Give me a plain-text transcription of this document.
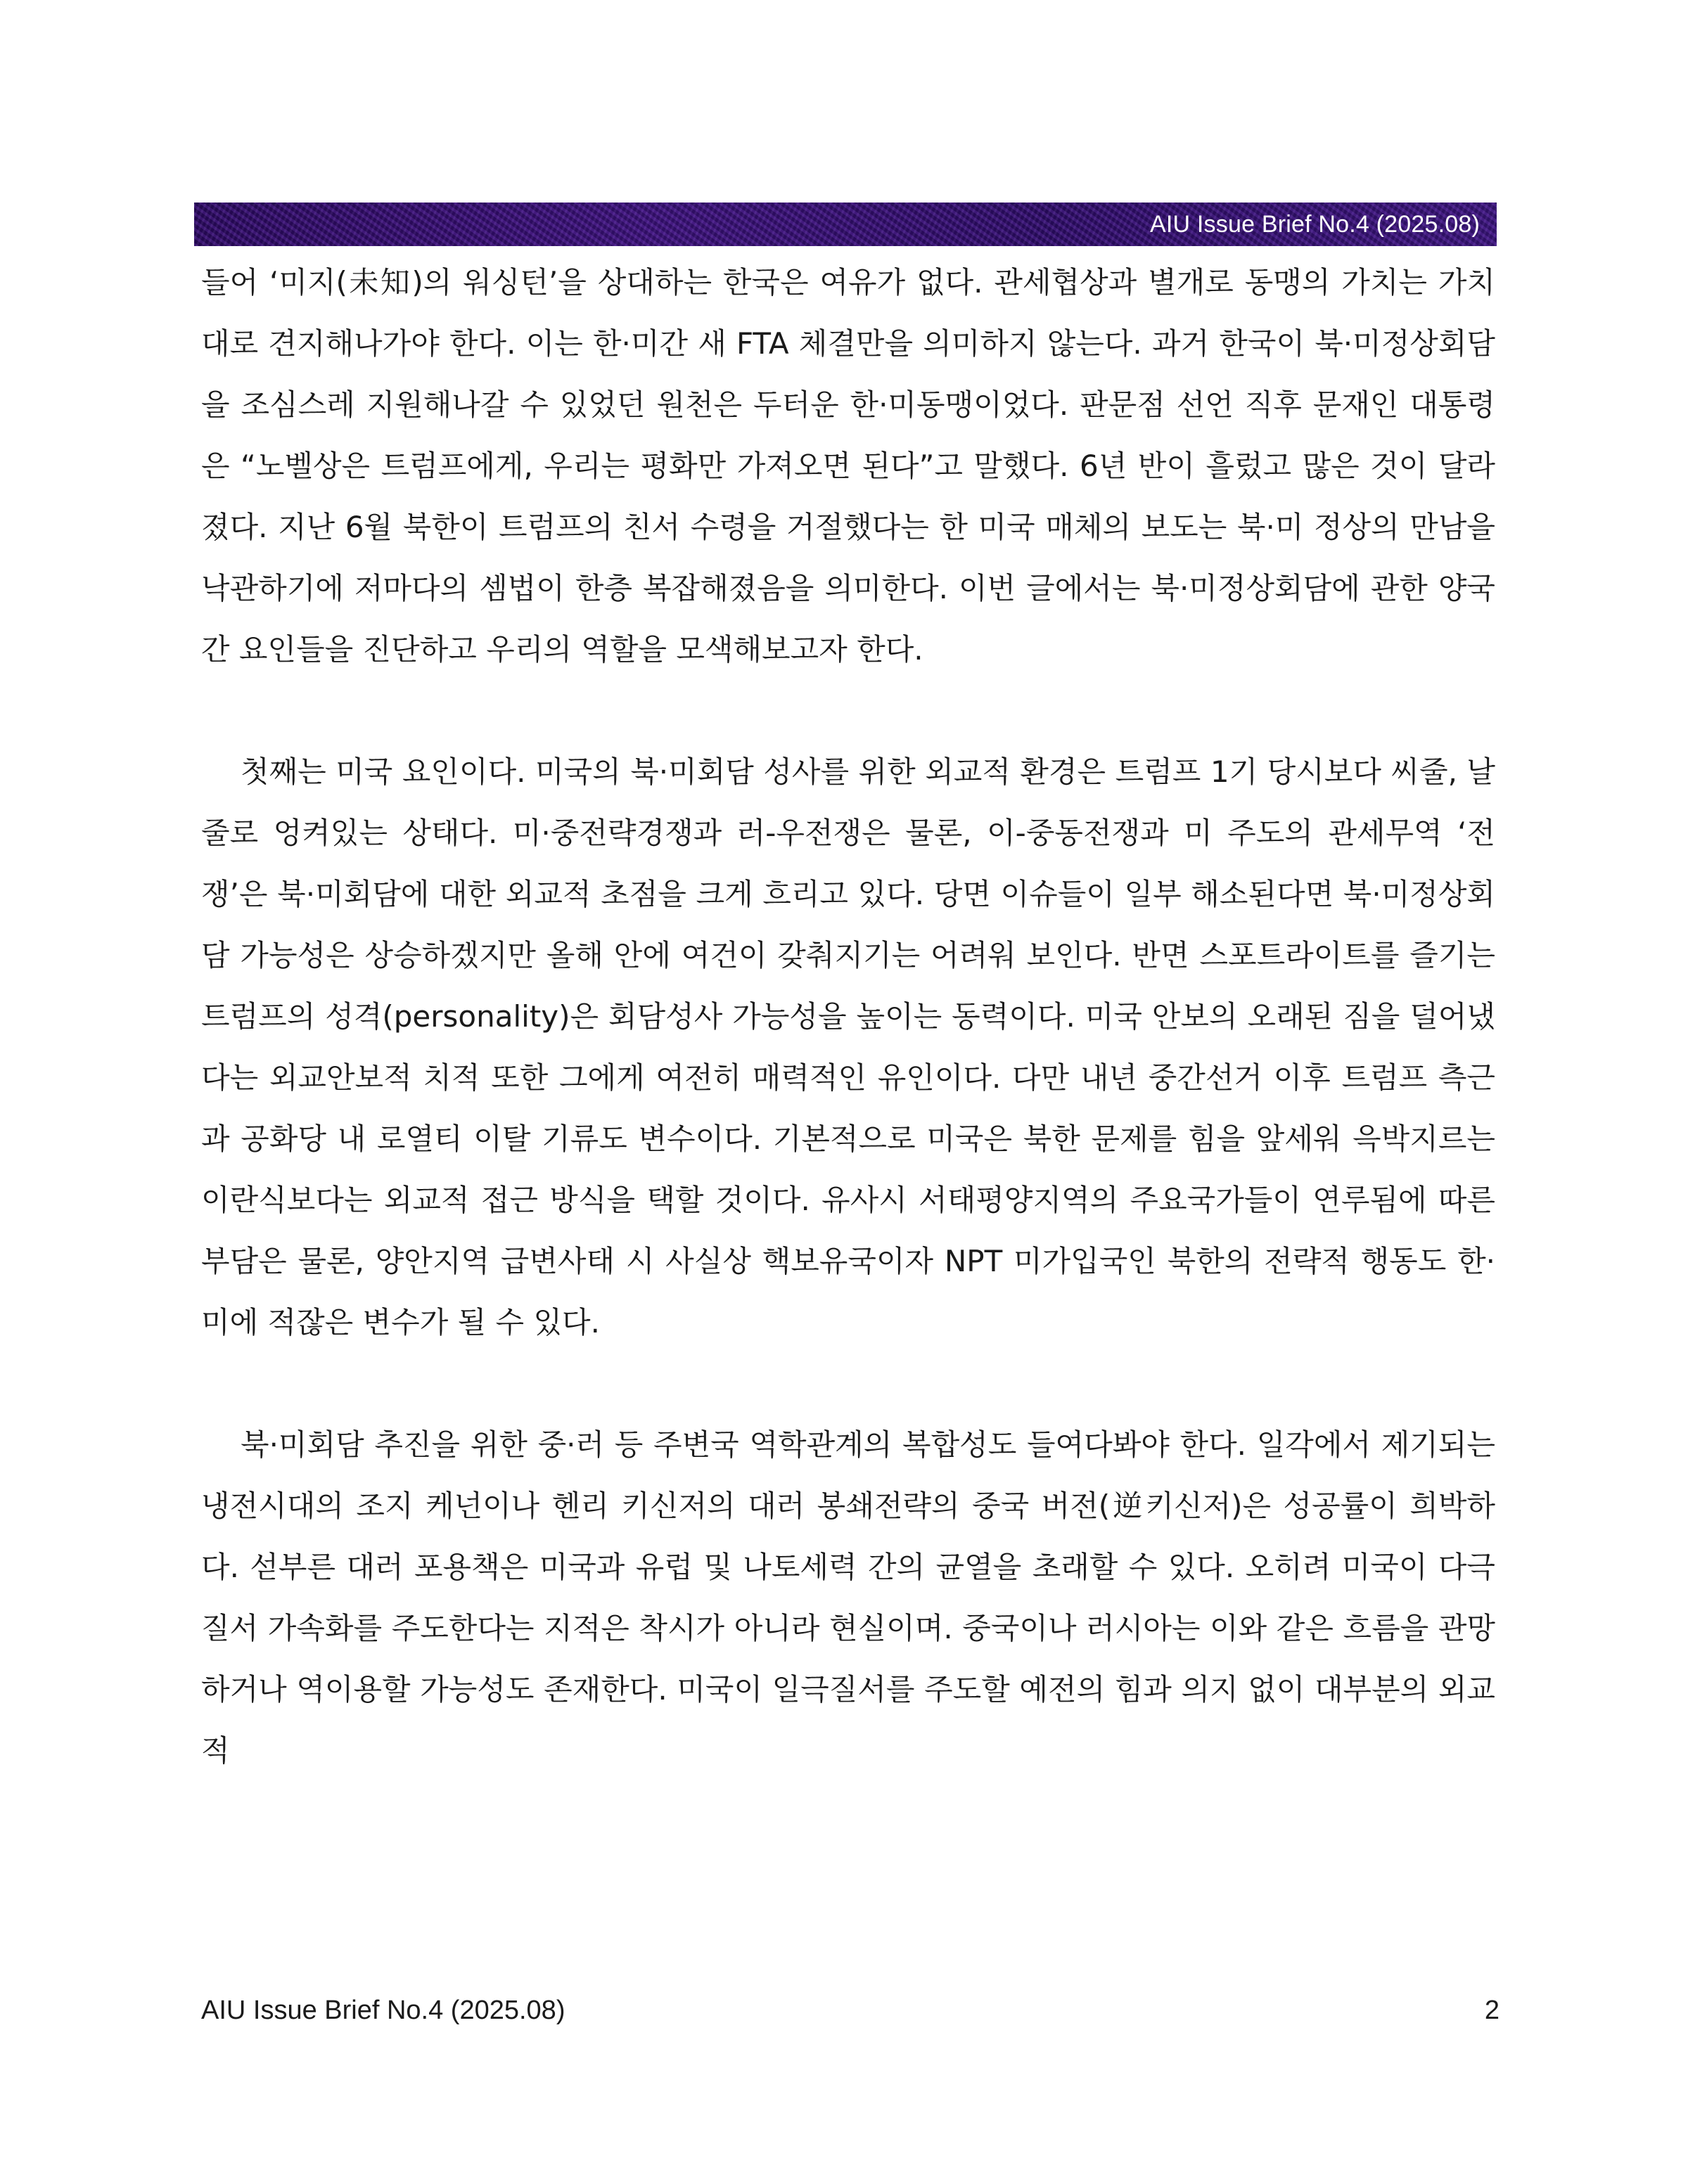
AIU Issue Brief No.4 (2025.08)

들어 ‘미지(未知)의 워싱턴’을 상대하는 한국은 여유가 없다. 관세협상과 별개로 동맹의 가치는 가치대로 견지해나가야 한다. 이는 한·미간 새 FTA 체결만을 의미하지 않는다. 과거 한국이 북·미정상회담을 조심스레 지원해나갈 수 있었던 원천은 두터운 한·미동맹이었다. 판문점 선언 직후 문재인 대통령은 “노벨상은 트럼프에게, 우리는 평화만 가져오면 된다”고 말했다. 6년 반이 흘렀고 많은 것이 달라졌다. 지난 6월 북한이 트럼프의 친서 수령을 거절했다는 한 미국 매체의 보도는 북·미 정상의 만남을 낙관하기에 저마다의 셈법이 한층 복잡해졌음을 의미한다. 이번 글에서는 북·미정상회담에 관한 양국간 요인들을 진단하고 우리의 역할을 모색해보고자 한다.

첫째는 미국 요인이다. 미국의 북·미회담 성사를 위한 외교적 환경은 트럼프 1기 당시보다 씨줄, 날줄로 엉켜있는 상태다. 미·중전략경쟁과 러-우전쟁은 물론, 이-중동전쟁과 미 주도의 관세무역 ‘전쟁’은 북·미회담에 대한 외교적 초점을 크게 흐리고 있다. 당면 이슈들이 일부 해소된다면 북·미정상회담 가능성은 상승하겠지만 올해 안에 여건이 갖춰지기는 어려워 보인다. 반면 스포트라이트를 즐기는 트럼프의 성격(personality)은 회담성사 가능성을 높이는 동력이다. 미국 안보의 오래된 짐을 덜어냈다는 외교안보적 치적 또한 그에게 여전히 매력적인 유인이다. 다만 내년 중간선거 이후 트럼프 측근과 공화당 내 로열티 이탈 기류도 변수이다. 기본적으로 미국은 북한 문제를 힘을 앞세워 윽박지르는 이란식보다는 외교적 접근 방식을 택할 것이다. 유사시 서태평양지역의 주요국가들이 연루됨에 따른 부담은 물론, 양안지역 급변사태 시 사실상 핵보유국이자 NPT 미가입국인 북한의 전략적 행동도 한·미에 적잖은 변수가 될 수 있다.

북·미회담 추진을 위한 중·러 등 주변국 역학관계의 복합성도 들여다봐야 한다. 일각에서 제기되는 냉전시대의 조지 케넌이나 헨리 키신저의 대러 봉쇄전략의 중국 버전(逆키신저)은 성공률이 희박하다. 섣부른 대러 포용책은 미국과 유럽 및 나토세력 간의 균열을 초래할 수 있다. 오히려 미국이 다극 질서 가속화를 주도한다는 지적은 착시가 아니라 현실이며. 중국이나 러시아는 이와 같은 흐름을 관망하거나 역이용할 가능성도 존재한다. 미국이 일극질서를 주도할 예전의 힘과 의지 없이 대부분의 외교적

AIU Issue Brief No.4 (2025.08)	2
